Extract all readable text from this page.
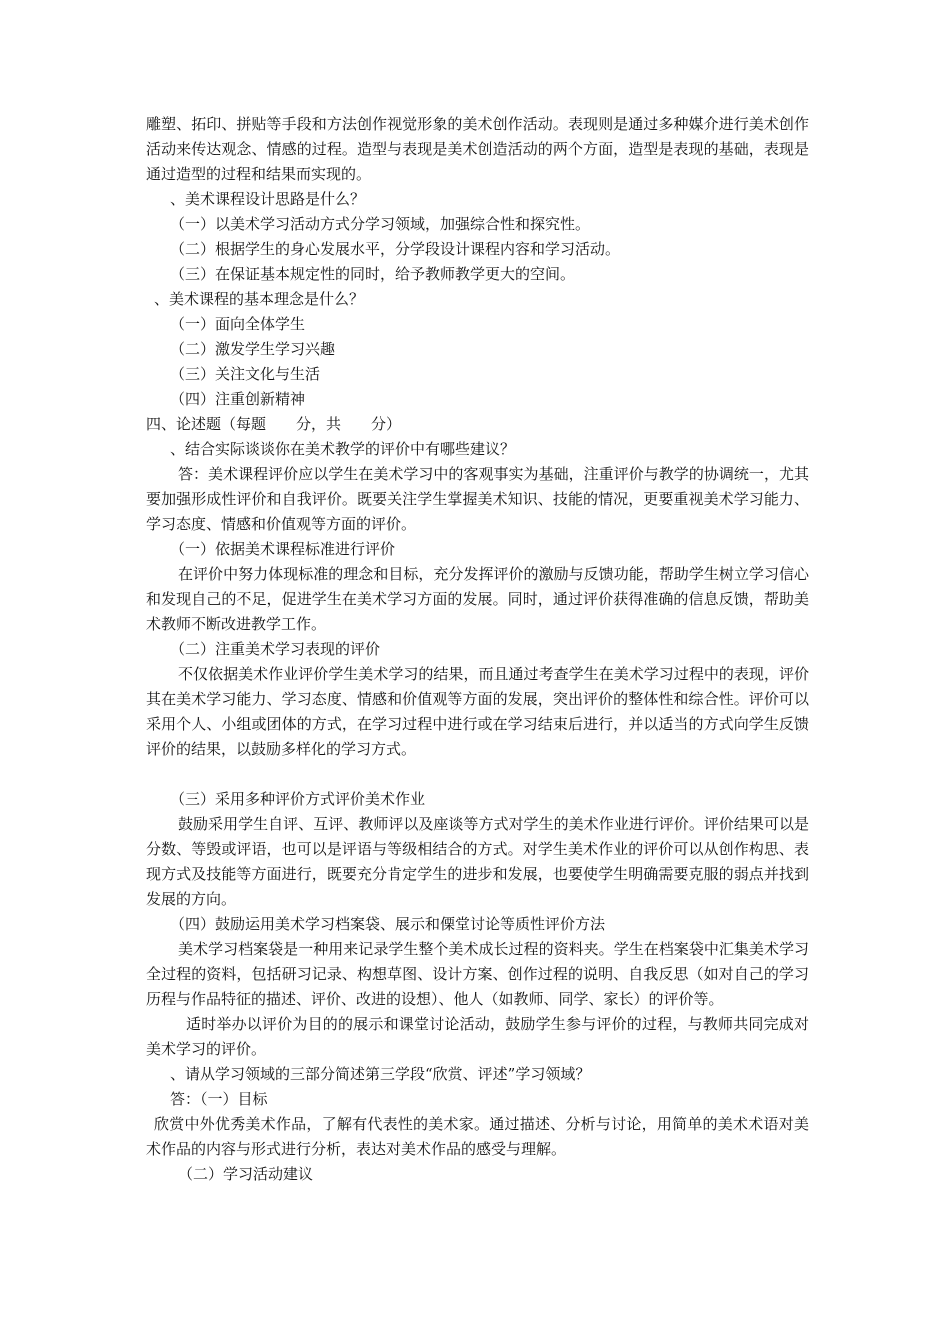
雕塑、拓印、拼贴等手段和方法创作视觉形象的美术创作活动。表现则是通过多种媒介进行美术创作活动来传达观念、情感的过程。造型与表现是美术创造活动的两个方面，造型是表现的基础，表现是通过造型的过程和结果而实现的。

、美术课程设计思路是什么？

（一）以美术学习活动方式分学习领域，加强综合性和探究性。

（二）根据学生的身心发展水平，分学段设计课程内容和学习活动。

（三）在保证基本规定性的同时，给予教师教学更大的空间。

、美术课程的基本理念是什么？

（一）面向全体学生

（二）激发学生学习兴趣

（三）关注文化与生活

（四）注重创新精神

四、论述题（每题　　分，共　　分）

、结合实际谈谈你在美术教学的评价中有哪些建议？

答：美术课程评价应以学生在美术学习中的客观事实为基础，注重评价与教学的协调统一，尤其要加强形成性评价和自我评价。既要关注学生掌握美术知识、技能的情况，更要重视美术学习能力、学习态度、情感和价值观等方面的评价。

（一）依据美术课程标准进行评价

在评价中努力体现标准的理念和目标，充分发挥评价的激励与反馈功能，帮助学生树立学习信心和发现自己的不足，促进学生在美术学习方面的发展。同时，通过评价获得准确的信息反馈，帮助美术教师不断改进教学工作。

（二）注重美术学习表现的评价

不仅依据美术作业评价学生美术学习的结果，而且通过考查学生在美术学习过程中的表现，评价其在美术学习能力、学习态度、情感和价值观等方面的发展，突出评价的整体性和综合性。评价可以采用个人、小组或团体的方式，在学习过程中进行或在学习结束后进行，并以适当的方式向学生反馈评价的结果，以鼓励多样化的学习方式。

（三）采用多种评价方式评价美术作业

鼓励采用学生自评、互评、教师评以及座谈等方式对学生的美术作业进行评价。评价结果可以是分数、等毁或评语，也可以是评语与等级相结合的方式。对学生美术作业的评价可以从创作构思、表现方式及技能等方面进行，既要充分肯定学生的进步和发展，也要使学生明确需要克服的弱点并找到发展的方向。

（四）鼓励运用美术学习档案袋、展示和傈堂讨论等质性评价方法

美术学习档案袋是一种用来记录学生整个美术成长过程的资料夹。学生在档案袋中汇集美术学习全过程的资料，包括研习记录、构想草图、设计方案、创作过程的说明、自我反思（如对自己的学习历程与作品特征的描述、评价、改进的设想）、他人（如教师、同学、家长）的评价等。

适时举办以评价为目的的展示和课堂讨论活动，鼓励学生参与评价的过程，与教师共同完成对美术学习的评价。

、请从学习领域的三部分简述第三学段“欣赏、评述”学习领域？

答：（一）目标

欣赏中外优秀美术作品，了解有代表性的美术家。通过描述、分析与讨论，用简单的美术术语对美术作品的内容与形式进行分析，表达对美术作品的感受与理解。

（二）学习活动建议
